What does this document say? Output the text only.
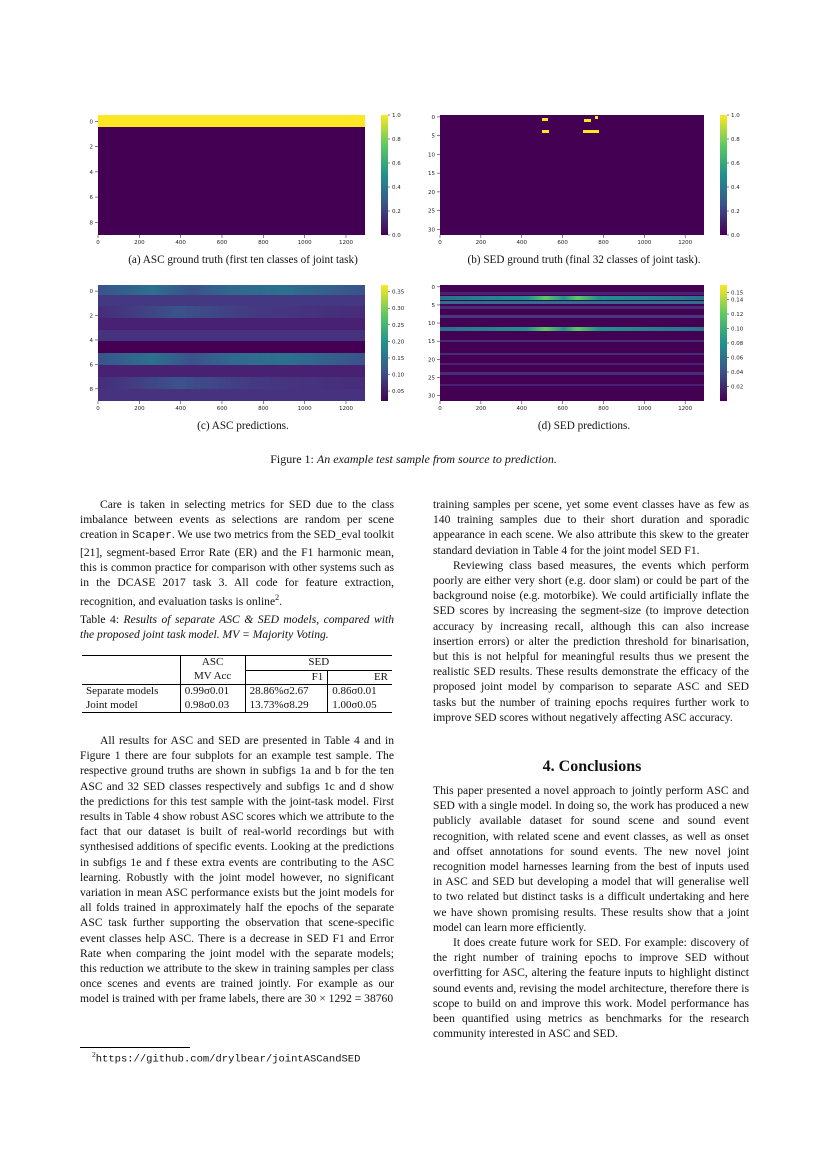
0
2
4
6
8
0	200	400	600	800	1000	1200
1.0
0.8
0.6
0.4
0.2
0.0
0
5
10
15
20
25
30
0	200	400	600	800	1000	1200
1.0
0.8
0.6
0.4
0.2
0.0
0
2
4
6
8
0	200	400	600	800	1000	1200
0.35
0.30
0.25
0.20
0.15
0.10
0.05
0
5
10
15
20
25
30
0	200	400	600	800	1000	1200
0.15
0.14
0.12
0.10
0.08
0.06
0.04
0.02
(a) ASC ground truth (first ten classes of joint task)	(b) SED ground truth (final 32 classes of joint task).
(c) ASC predictions.	(d) SED predictions.
Figure 1: An example test sample from source to prediction.

Care is taken in selecting metrics for SED due to the class imbalance between events as selections are random per scene creation in Scaper. We use two metrics from the SED_eval toolkit [21], segment-based Error Rate (ER) and the F1 harmonic mean, this is common practice for comparison with other systems such as in the DCASE 2017 task 3. All code for feature extraction, recognition, and evaluation tasks is online$^2$.

Table 4: Results of separate ASC & SED models, compared with the proposed joint task model. MV = Majority Voting.
	ASC	SED	
	MV Acc	F1	ER
Separate models	0.99σ0.01	28.86%σ2.67	0.86σ0.01
Joint model	0.98σ0.03	13.73%σ8.29	1.00σ0.05

All results for ASC and SED are presented in Table 4 and in Figure 1 there are four subplots for an example test sample. The respective ground truths are shown in subfigs 1a and b for the ten ASC and 32 SED classes respectively and subfigs 1c and d show the predictions for this test sample with the joint-task model. First results in Table 4 show robust ASC scores which we attribute to the fact that our dataset is built of real-world recordings but with synthesised additions of specific events. Looking at the predictions in subfigs 1e and f these extra events are contributing to the ASC learning. Robustly with the joint model however, no significant variation in mean ASC performance exists but the joint models for all folds trained in approximately half the epochs of the separate ASC task further supporting the observation that scene-specific event classes help ASC. There is a decrease in SED F1 and Error Rate when comparing the joint model with the separate models; this reduction we attribute to the skew in training samples per class once scenes and events are trained jointly. For example as our model is trained with per frame labels, there are 30 × 1292 = 38760

$^2$https://github.com/drylbear/jointASCandSED

training samples per scene, yet some event classes have as few as 140 training samples due to their short duration and sporadic appearance in each scene. We also attribute this skew to the greater standard deviation in Table 4 for the joint model SED F1.

Reviewing class based measures, the events which perform poorly are either very short (e.g. door slam) or could be part of the background noise (e.g. motorbike). We could artificially inflate the SED scores by increasing the segment-size (to improve detection accuracy by increasing recall, although this can also increase insertion errors) or alter the prediction threshold for binarisation, but this is not helpful for meaningful results thus we present the realistic SED results. These results demonstrate the efficacy of the proposed joint model by comparison to separate ASC and SED tasks but the number of training epochs requires further work to improve SED scores without negatively affecting ASC accuracy.

4. Conclusions

This paper presented a novel approach to jointly perform ASC and SED with a single model. In doing so, the work has produced a new publicly available dataset for sound scene and sound event recognition, with related scene and event classes, as well as onset and offset annotations for sound events. The new novel joint recognition model harnesses learning from the best of inputs used in ASC and SED but developing a model that will generalise well to two related but distinct tasks is a difficult undertaking and here we have shown promising results. These results show that a joint model can learn more efficiently.

It does create future work for SED. For example: discovery of the right number of training epochs to improve SED without overfitting for ASC, altering the feature inputs to highlight distinct sound events and, revising the model architecture, therefore there is scope to build on and improve this work. Model performance has been quantified using metrics as benchmarks for the research community interested in ASC and SED.
